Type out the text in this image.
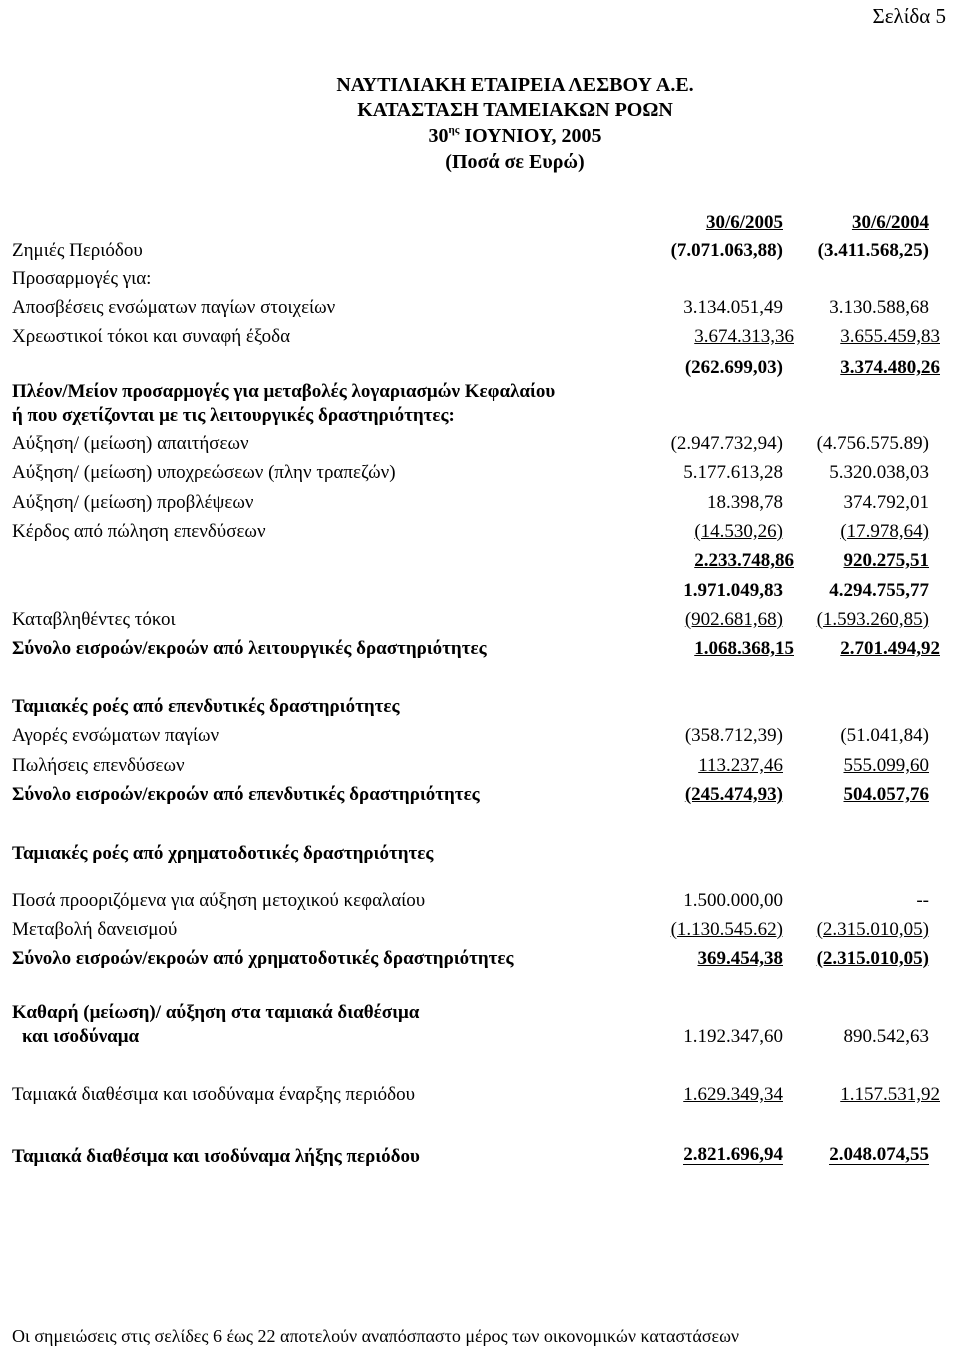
Σελίδα 5
ΝΑΥΤΙΛΙΑΚΗ ΕΤΑΙΡΕΙΑ ΛΕΣΒΟΥ Α.Ε.
ΚΑΤΑΣΤΑΣΗ ΤΑΜΕΙΑΚΩΝ ΡΟΩΝ
$30^{\eta\varsigma}$ ΙΟΥΝΙΟΥ, 2005
(Ποσά σε Ευρώ)
30/6/2005	30/6/2004
Ζημιές Περιόδου	(7.071.063,88) (3.411.568,25)
Προσαρμογές για:
Αποσβέσεις ενσώματων παγίων στοιχείων	3.134.051,49 3.130.588,68
Χρεωστικοί τόκοι και συναφή έξοδα	3.674.313,36 3.655.459,83
(262.699,03)	3.374.480,26
Πλέον/Μείον προσαρμογές για μεταβολές λογαριασμών Κεφαλαίου
ή που σχετίζονται με τις λειτουργικές δραστηριότητες:
Αύξηση/ (μείωση) απαιτήσεων	(2.947.732,94) (4.756.575.89)
Αύξηση/ (μείωση) υποχρεώσεων (πλην τραπεζών)	5.177.613,28 5.320.038,03
Αύξηση/ (μείωση) προβλέψεων	18.398,78	374.792,01
Κέρδος από πώληση επενδύσεων	(14.530,26)	(17.978,64)
2.233.748,86	920.275,51
1.971.049,83 4.294.755,77
Καταβληθέντες τόκοι	(902.681,68) (1.593.260,85)
Σύνολο εισροών/εκροών από λειτουργικές δραστηριότητες	1.068.368,15 2.701.494,92
Ταμιακές ροές από επενδυτικές δραστηριότητες
Αγορές ενσώματων παγίων	(358.712,39)	(51.041,84)
Πωλήσεις επενδύσεων	113.237,46	555.099,60
Σύνολο εισροών/εκροών από επενδυτικές δραστηριότητες	(245.474,93)	504.057,76
Ταμιακές ροές από χρηματοδοτικές δραστηριότητες
Ποσά προοριζόμενα για αύξηση μετοχικού κεφαλαίου	1.500.000,00	--
Μεταβολή δανεισμού	(1.130.545.62) (2.315.010,05)
Σύνολο εισροών/εκροών από χρηματοδοτικές δραστηριότητες	369.454,38 (2.315.010,05)
Καθαρή (μείωση)/ αύξηση στα ταμιακά διαθέσιμα
και ισοδύναμα	1.192.347,60	890.542,63
Ταμιακά διαθέσιμα και ισοδύναμα έναρξης περιόδου	1.629.349,34	1.157.531,92
Ταμιακά διαθέσιμα και ισοδύναμα λήξης περιόδου	2.821.696,94 2.048.074,55
Οι σημειώσεις στις σελίδες 6 έως 22 αποτελούν αναπόσπαστο μέρος των οικονομικών καταστάσεων
